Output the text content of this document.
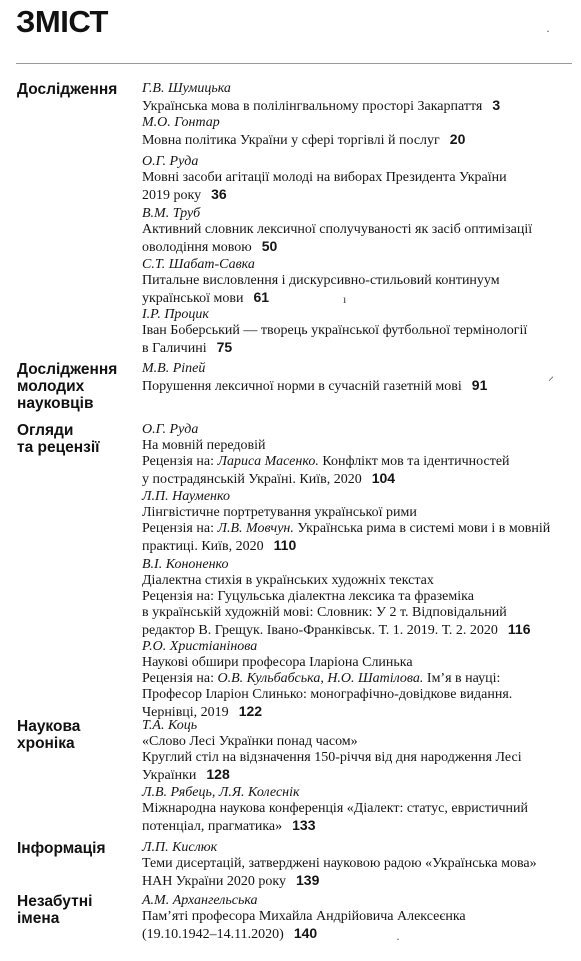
ЗМІСТ

Дослідження Г.В. Шумицька

Українська мова в полілінгвальному просторі Закарпаття 3

М.О. Гонтар

Мовна політика України у сфері торгівлі й послуг 20

О.Г. Руда

Мовні засоби агітації молоді на виборах Президента України

2019 року 36

В.М. Труб

Активний словник лексичної сполучуваності як засіб оптимізації

оволодіння мовою 50

С.Т. Шабат-Савка

Питальне висловлення і дискурсивно-стильовий континуум

української мови 61

І.Р. Процик

Іван Боберський — творець української футбольної термінології

в Галичині 75

Дослідження
молодих
науковців

М.В. Ріпей

Порушення лексичної норми в сучасній газетній мові 91

Огляди
та рецензії

О.Г. Руда

На мовній передовій

Рецензія на: Ларисa Масенко. Конфлікт мов та ідентичностей

у пострадянській Україні. Київ, 2020 104

Л.П. Науменко

Лінгвістичне портретування української рими

Рецензія на: Л.В. Мовчун. Українська рима в системі мови і в мовній

практиці. Київ, 2020 110

В.І. Кононенко

Діалектна стихія в українських художніх текстах

Рецензія на: Гуцульська діалектна лексика та фраземіка

в українській художній мові: Словник: У 2 т. Відповідальний

редактор В. Грещук. Івано-Франківськ. Т. 1. 2019. Т. 2. 2020 116

Р.О. Христіанінова

Наукові обшири професора Іларіона Слинька

Рецензія на: О.В. Кульбабська, Н.О. Шатілова. Ім’я в науці:

Професор Іларіон Слинько: монографічно-довідкове видання.

Чернівці, 2019 122

Наукова
хроніка

Т.А. Коць

«Слово Лесі Українки понад часом»

Круглий стіл на відзначення 150-річчя від дня народження Лесі

Українки 128

Л.В. Рябець, Л.Я. Колеснік

Міжнародна наукова конференція «Діалект: статус, евристичний

потенціал, прагматика» 133

Інформація	Л.П. Кислюк

Теми дисертацій, затверджені науковою радою «Українська мова»

НАН України 2020 року 139

Незабутні
імена

А.М. Архангельська

Пам’яті професора Михайла Андрійовича Алексеєнка

(19.10.1942–14.11.2020) 140

·
ı
⸍
·
